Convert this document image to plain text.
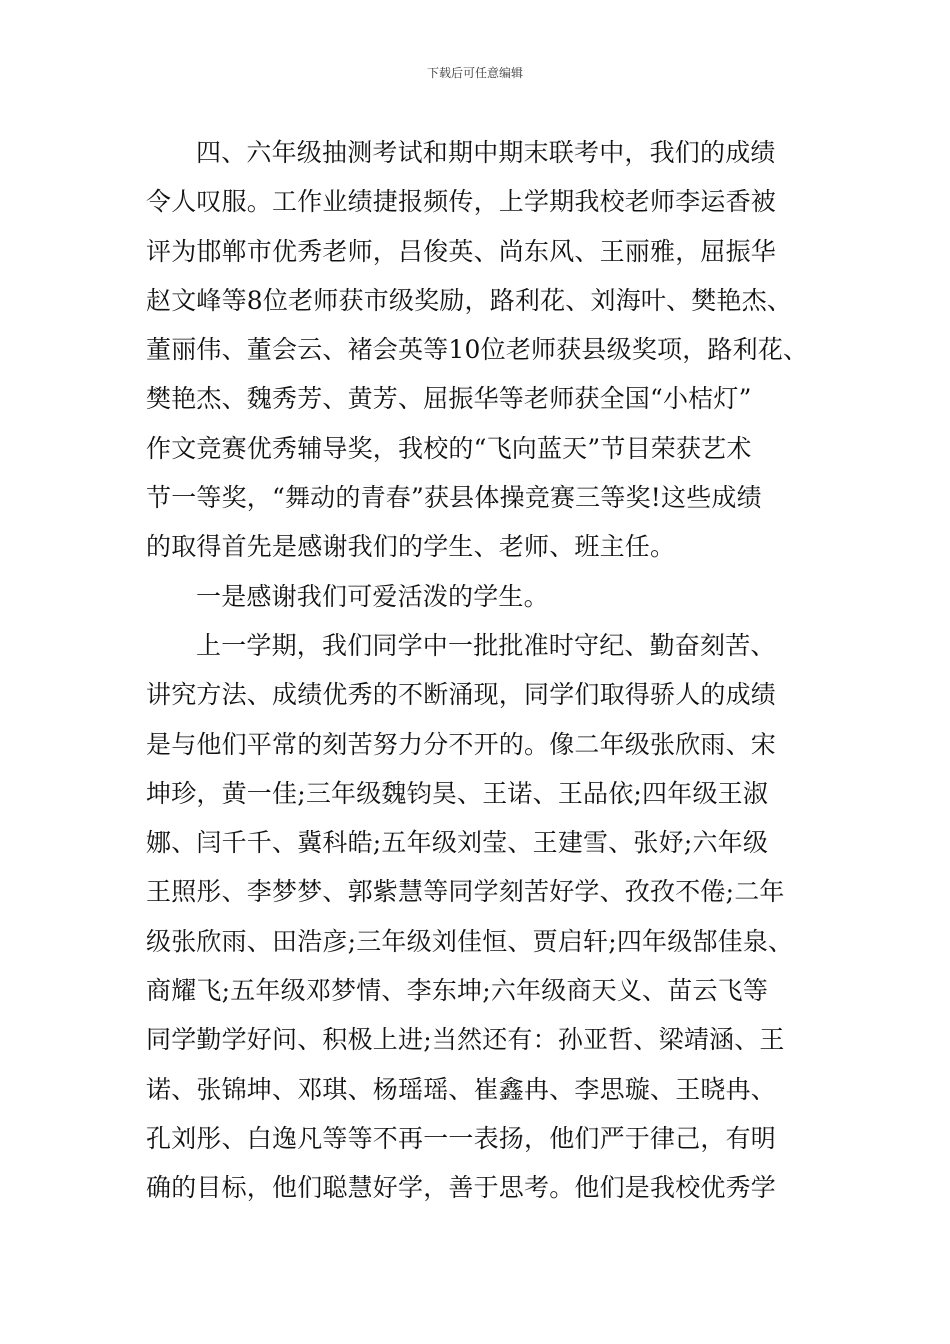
下载后可任意编辑
四、六年级抽测考试和期中期末联考中，我们的成绩
令人叹服。工作业绩捷报频传，上学期我校老师李运香被
评为邯郸市优秀老师，吕俊英、尚东风、王丽雅，屈振华
赵文峰等8位老师获市级奖励，路利花、刘海叶、樊艳杰、
董丽伟、董会云、褚会英等10位老师获县级奖项，路利花、
樊艳杰、魏秀芳、黄芳、屈振华等老师获全国“小桔灯”
作文竞赛优秀辅导奖，我校的“飞向蓝天”节目荣获艺术
节一等奖，“舞动的青春”获县体操竞赛三等奖!这些成绩
的取得首先是感谢我们的学生、老师、班主任。
一是感谢我们可爱活泼的学生。
上一学期，我们同学中一批批准时守纪、勤奋刻苦、
讲究方法、成绩优秀的不断涌现，同学们取得骄人的成绩
是与他们平常的刻苦努力分不开的。像二年级张欣雨、宋
坤珍，黄一佳;三年级魏钧昊、王诺、王品依;四年级王淑
娜、闫千千、冀科皓;五年级刘莹、王建雪、张妤;六年级
王照彤、李梦梦、郭紫慧等同学刻苦好学、孜孜不倦;二年
级张欣雨、田浩彦;三年级刘佳恒、贾启轩;四年级郜佳泉、
商耀飞;五年级邓梦情、李东坤;六年级商天义、苗云飞等
同学勤学好问、积极上进;当然还有：孙亚哲、梁靖涵、王
诺、张锦坤、邓琪、杨瑶瑶、崔鑫冉、李思璇、王晓冉、
孔刘彤、白逸凡等等不再一一表扬，他们严于律己，有明
确的目标，他们聪慧好学，善于思考。他们是我校优秀学
